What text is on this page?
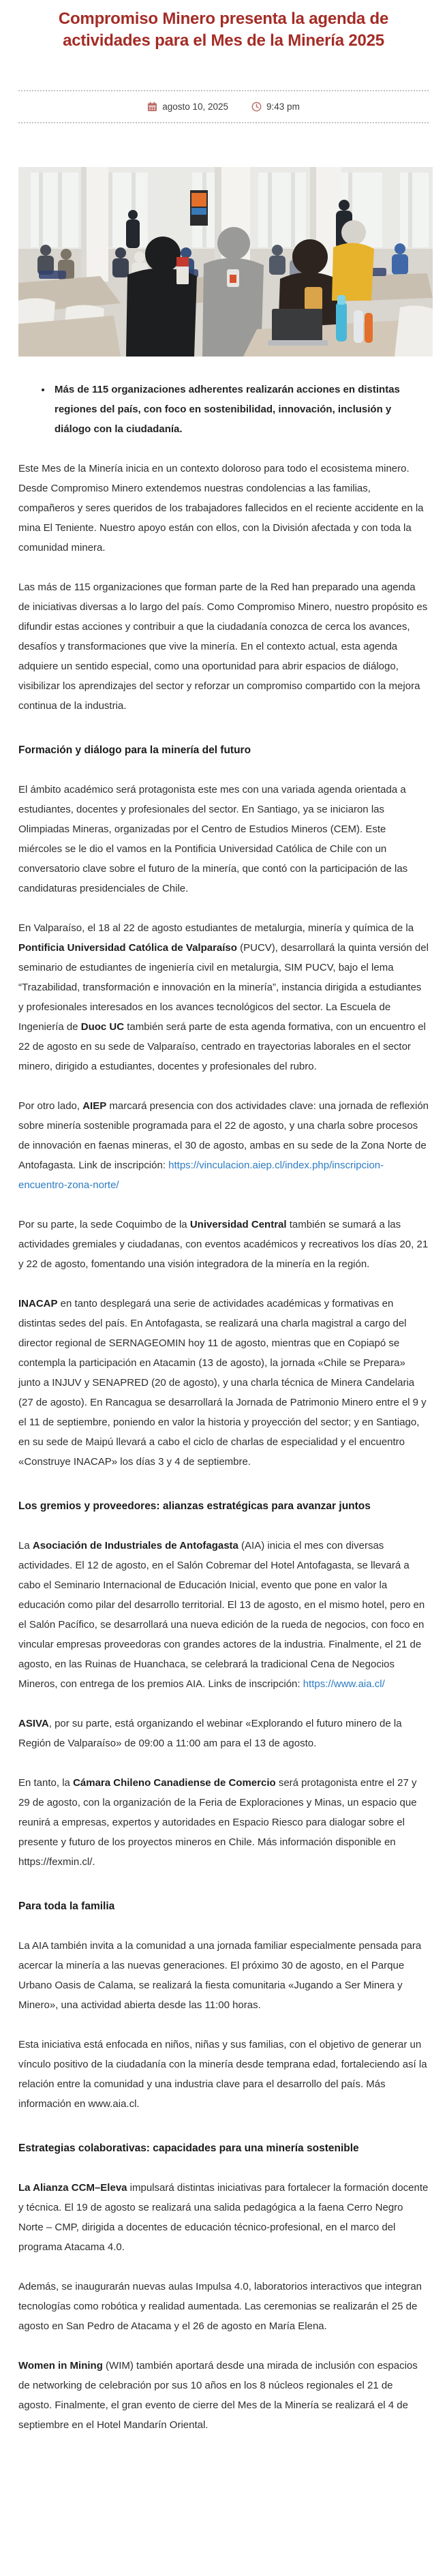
Compromiso Minero presenta la agenda de actividades para el Mes de la Minería 2025
agosto 10, 2025	9:43 pm
• Más de 115 organizaciones adherentes realizarán acciones en distintas regiones del país, con foco en sostenibilidad, innovación, inclusión y diálogo con la ciudadanía.

Este Mes de la Minería inicia en un contexto doloroso para todo el ecosistema minero. Desde Compromiso Minero extendemos nuestras condolencias a las familias, compañeros y seres queridos de los trabajadores fallecidos en el reciente accidente en la mina El Teniente. Nuestro apoyo están con ellos, con la División afectada y con toda la comunidad minera.

Las más de 115 organizaciones que forman parte de la Red han preparado una agenda de iniciativas diversas a lo largo del país. Como Compromiso Minero, nuestro propósito es difundir estas acciones y contribuir a que la ciudadanía conozca de cerca los avances, desafíos y transformaciones que vive la minería. En el contexto actual, esta agenda adquiere un sentido especial, como una oportunidad para abrir espacios de diálogo, visibilizar los aprendizajes del sector y reforzar un compromiso compartido con la mejora continua de la industria.

Formación y diálogo para la minería del futuro

El ámbito académico será protagonista este mes con una variada agenda orientada a estudiantes, docentes y profesionales del sector. En Santiago, ya se iniciaron las Olimpiadas Mineras, organizadas por el Centro de Estudios Mineros (CEM). Este miércoles se le dio el vamos en la Pontificia Universidad Católica de Chile con un conversatorio clave sobre el futuro de la minería, que contó con la participación de las candidaturas presidenciales de Chile.

En Valparaíso, el 18 al 22 de agosto estudiantes de metalurgia, minería y química de la Pontificia Universidad Católica de Valparaíso (PUCV), desarrollará la quinta versión del seminario de estudiantes de ingeniería civil en metalurgia, SIM PUCV, bajo el lema “Trazabilidad, transformación e innovación en la minería”, instancia dirigida a estudiantes y profesionales interesados en los avances tecnológicos del sector. La Escuela de Ingeniería de Duoc UC también será parte de esta agenda formativa, con un encuentro el 22 de agosto en su sede de Valparaíso, centrado en trayectorias laborales en el sector minero, dirigido a estudiantes, docentes y profesionales del rubro.

Por otro lado, AIEP marcará presencia con dos actividades clave: una jornada de reflexión sobre minería sostenible programada para el 22 de agosto, y una charla sobre procesos de innovación en faenas mineras, el 30 de agosto, ambas en su sede de la Zona Norte de Antofagasta. Link de inscripción: https://vinculacion.aiep.cl/index.php/inscripcion-encuentro-zona-norte/

Por su parte, la sede Coquimbo de la Universidad Central también se sumará a las actividades gremiales y ciudadanas, con eventos académicos y recreativos los días 20, 21 y 22 de agosto, fomentando una visión integradora de la minería en la región.

INACAP en tanto desplegará una serie de actividades académicas y formativas en distintas sedes del país. En Antofagasta, se realizará una charla magistral a cargo del director regional de SERNAGEOMIN hoy 11 de agosto, mientras que en Copiapó se contempla la participación en Atacamin (13 de agosto), la jornada «Chile se Prepara» junto a INJUV y SENAPRED (20 de agosto), y una charla técnica de Minera Candelaria (27 de agosto). En Rancagua se desarrollará la Jornada de Patrimonio Minero entre el 9 y el 11 de septiembre, poniendo en valor la historia y proyección del sector; y en Santiago, en su sede de Maipú llevará a cabo el ciclo de charlas de especialidad y el encuentro «Construye INACAP» los días 3 y 4 de septiembre.

Los gremios y proveedores: alianzas estratégicas para avanzar juntos

La Asociación de Industriales de Antofagasta (AIA) inicia el mes con diversas actividades. El 12 de agosto, en el Salón Cobremar del Hotel Antofagasta, se llevará a cabo el Seminario Internacional de Educación Inicial, evento que pone en valor la educación como pilar del desarrollo territorial. El 13 de agosto, en el mismo hotel, pero en el Salón Pacífico, se desarrollará una nueva edición de la rueda de negocios, con foco en vincular empresas proveedoras con grandes actores de la industria. Finalmente, el 21 de agosto, en las Ruinas de Huanchaca, se celebrará la tradicional Cena de Negocios Mineros, con entrega de los premios AIA. Links de inscripción: https://www.aia.cl/

ASIVA, por su parte, está organizando el webinar «Explorando el futuro minero de la Región de Valparaíso» de 09:00 a 11:00 am para el 13 de agosto.

En tanto, la Cámara Chileno Canadiense de Comercio será protagonista entre el 27 y 29 de agosto, con la organización de la Feria de Exploraciones y Minas, un espacio que reunirá a empresas, expertos y autoridades en Espacio Riesco para dialogar sobre el presente y futuro de los proyectos mineros en Chile. Más información disponible en https://fexmin.cl/.

Para toda la familia

La AIA también invita a la comunidad a una jornada familiar especialmente pensada para acercar la minería a las nuevas generaciones. El próximo 30 de agosto, en el Parque Urbano Oasis de Calama, se realizará la fiesta comunitaria «Jugando a Ser Minera y Minero», una actividad abierta desde las 11:00 horas.

Esta iniciativa está enfocada en niños, niñas y sus familias, con el objetivo de generar un vínculo positivo de la ciudadanía con la minería desde temprana edad, fortaleciendo así la relación entre la comunidad y una industria clave para el desarrollo del país. Más información en www.aia.cl.

Estrategias colaborativas: capacidades para una minería sostenible

La Alianza CCM–Eleva impulsará distintas iniciativas para fortalecer la formación docente y técnica. El 19 de agosto se realizará una salida pedagógica a la faena Cerro Negro Norte – CMP, dirigida a docentes de educación técnico-profesional, en el marco del programa Atacama 4.0.

Además, se inaugurarán nuevas aulas Impulsa 4.0, laboratorios interactivos que integran tecnologías como robótica y realidad aumentada. Las ceremonias se realizarán el 25 de agosto en San Pedro de Atacama y el 26 de agosto en María Elena.

Women in Mining (WIM) también aportará desde una mirada de inclusión con espacios de networking de celebración por sus 10 años en los 8 núcleos regionales el 21 de agosto. Finalmente, el gran evento de cierre del Mes de la Minería se realizará el 4 de septiembre en el Hotel Mandarín Oriental.
